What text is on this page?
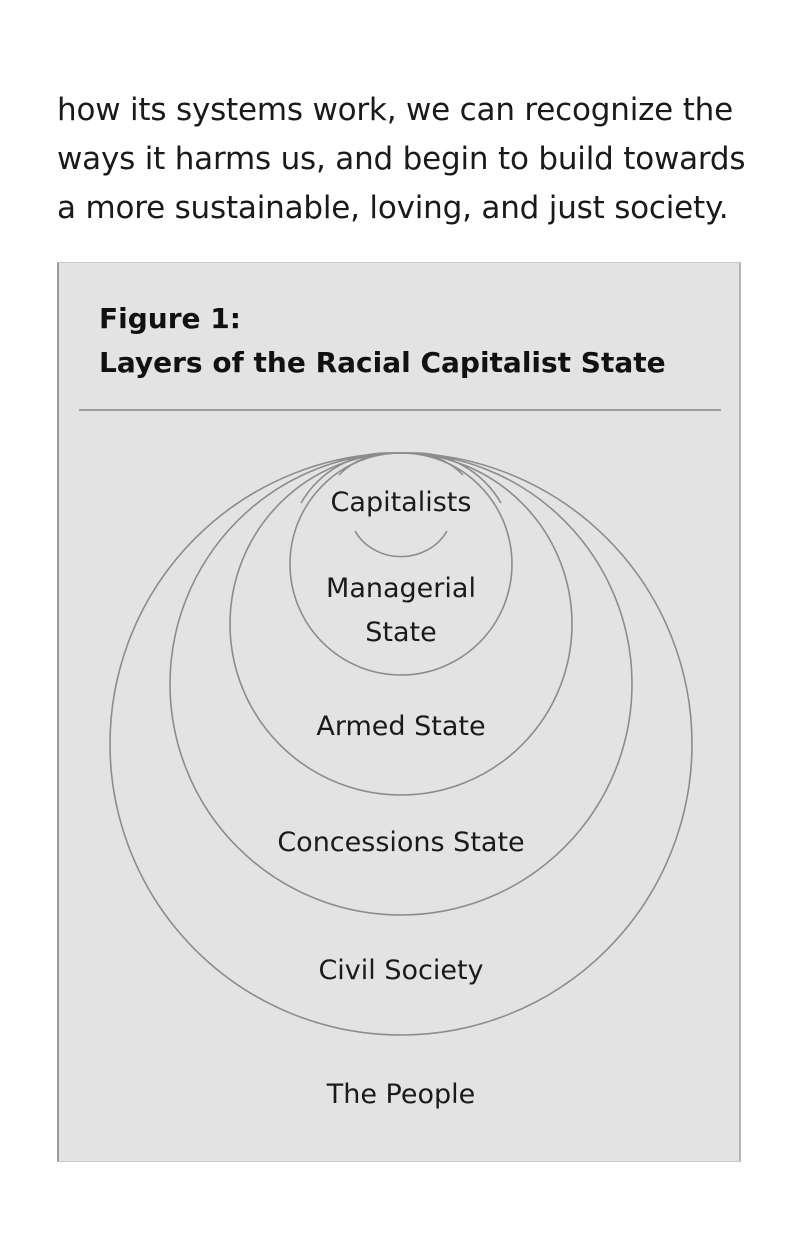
how its systems work, we can recognize the
ways it harms us, and begin to build towards
a more sustainable, loving, and just society.
Figure 1:
Layers of the Racial Capitalist State
Capitalists
Managerial
State
Armed State
Concessions State
Civil Society
The People
